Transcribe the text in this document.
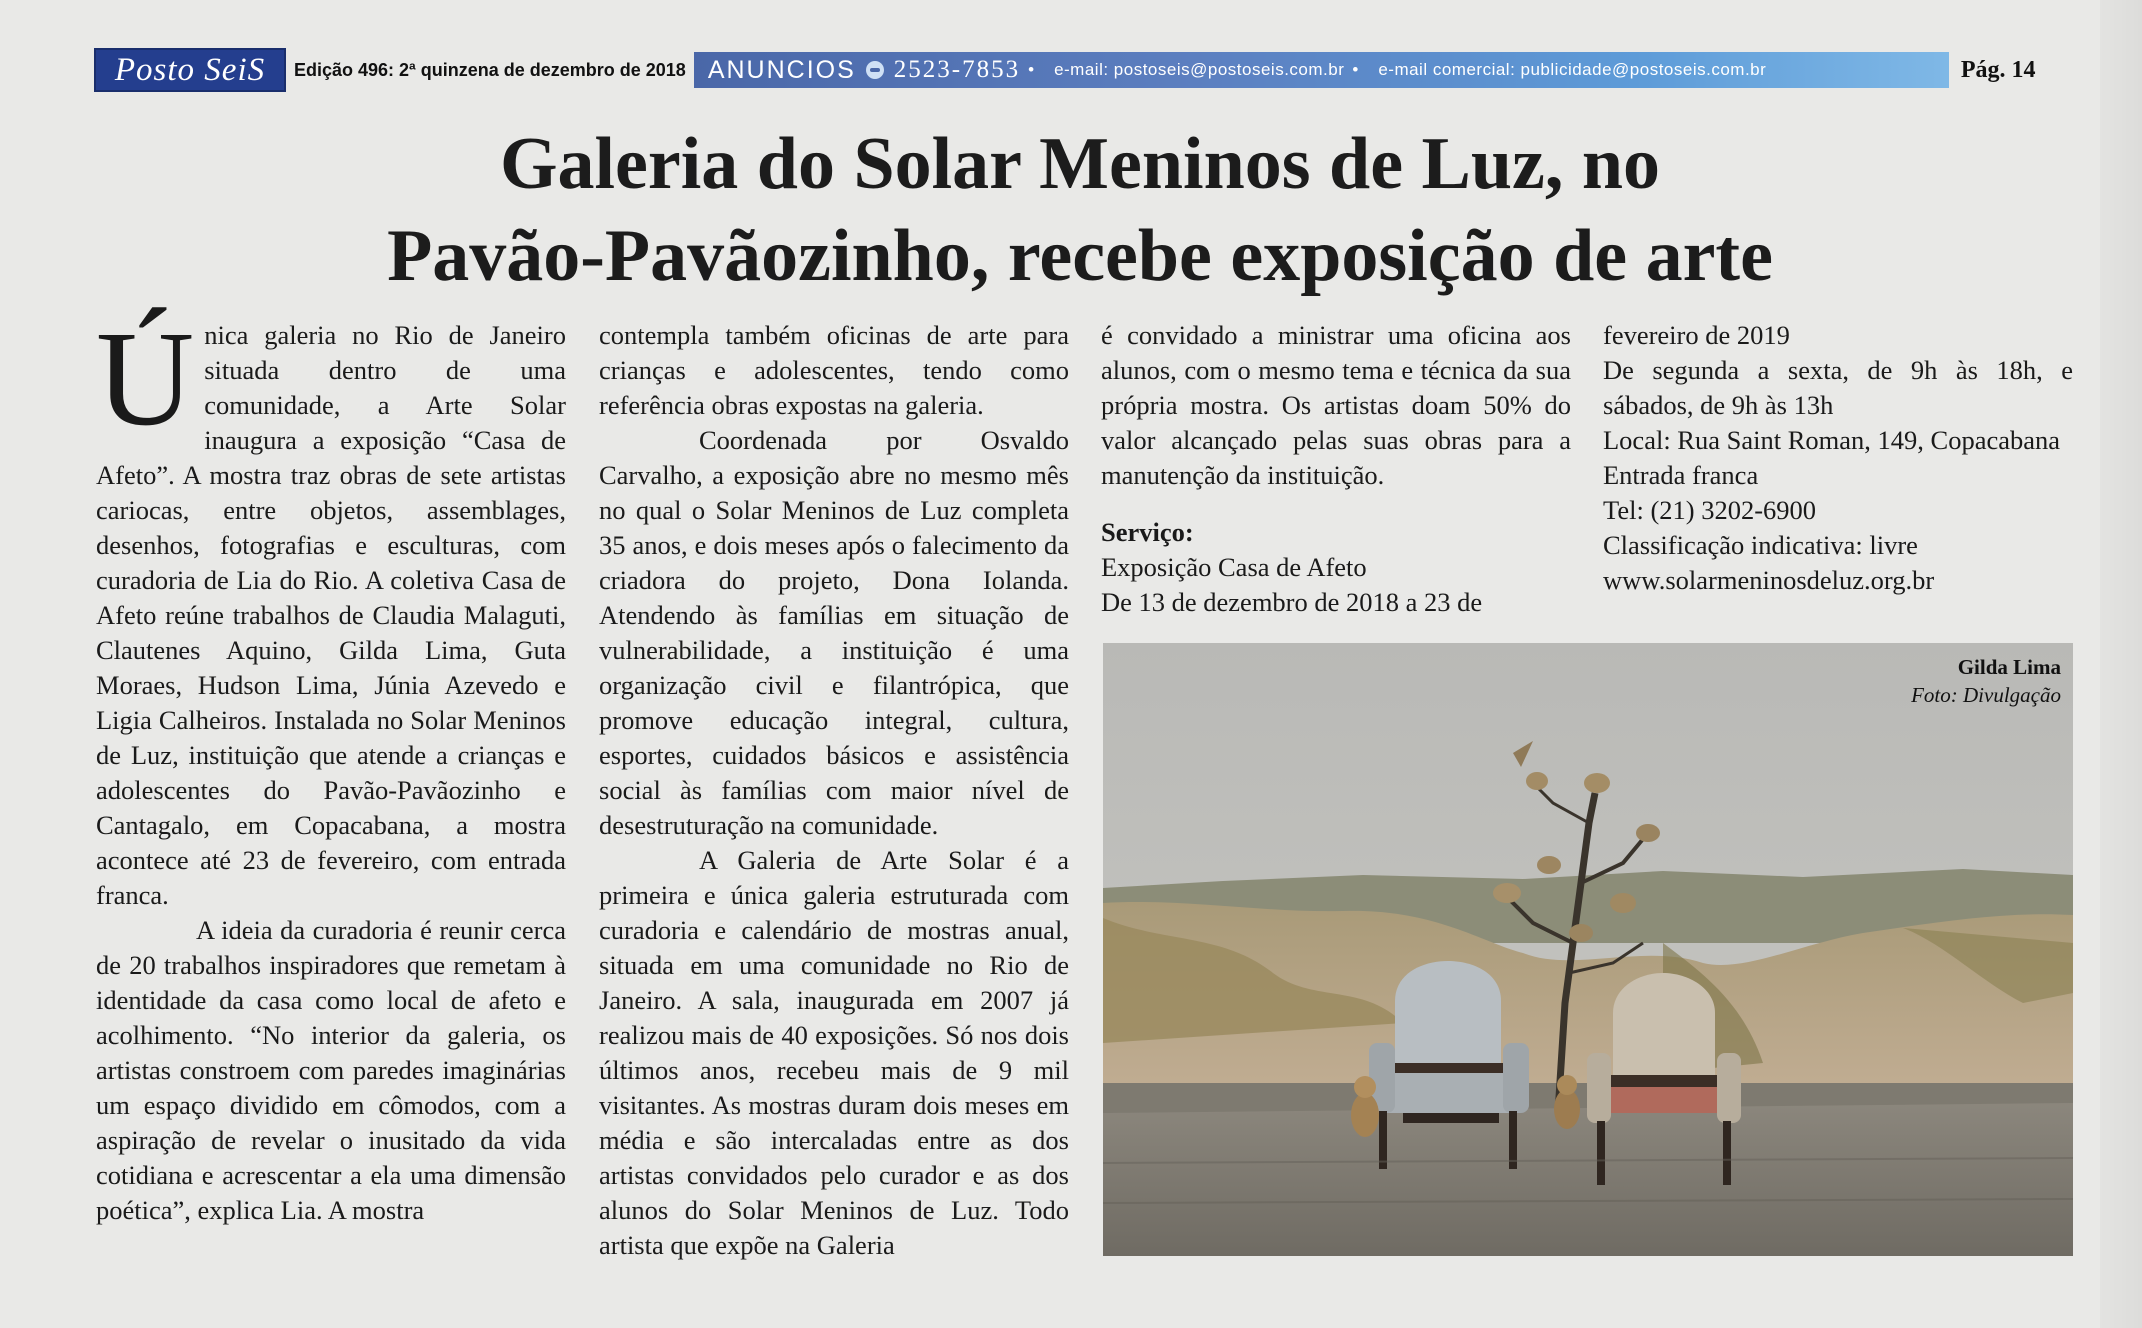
Posto SeiS	Edição 496: 2ª quinzena de dezembro de 2018 ANUNCIOS 2523-7853 • e-mail: postoseis@postoseis.com.br • e-mail comercial: publicidade@postoseis.com.br	Pág. 14
Galeria do Solar Meninos de Luz, no
Pavão-Pavãozinho, recebe exposição de arte

Única galeria no Rio de Janeiro situada dentro de uma comunidade, a Arte Solar inaugura a exposição “Casa de Afeto”. A mostra traz obras de sete artistas cariocas, entre objetos, assemblages, desenhos, fotografias e esculturas, com curadoria de Lia do Rio. A coletiva Casa de Afeto reúne trabalhos de Claudia Malaguti, Clautenes Aquino, Gilda Lima, Guta Moraes, Hudson Lima, Júnia Azevedo e Ligia Calheiros. Instalada no Solar Meninos de Luz, instituição que atende a crianças e adolescentes do Pavão-Pavãozinho e Cantagalo, em Copacabana, a mostra acontece até 23 de fevereiro, com entrada franca.

A ideia da curadoria é reunir cerca de 20 trabalhos inspiradores que remetam à identidade da casa como local de afeto e acolhimento. “No interior da galeria, os artistas constroem com paredes imaginárias um espaço dividido em cômodos, com a aspiração de revelar o inusitado da vida cotidiana e acrescentar a ela uma dimensão poética”, explica Lia. A mostra

contempla também oficinas de arte para crianças e adolescentes, tendo como referência obras expostas na galeria.

Coordenada por Osvaldo Carvalho, a exposição abre no mesmo mês no qual o Solar Meninos de Luz completa 35 anos, e dois meses após o falecimento da criadora do projeto, Dona Iolanda. Atendendo às famílias em situação de vulnerabilidade, a instituição é uma organização civil e filantrópica, que promove educação integral, cultura, esportes, cuidados básicos e assistência social às famílias com maior nível de desestruturação na comunidade.

A Galeria de Arte Solar é a primeira e única galeria estruturada com curadoria e calendário de mostras anual, situada em uma comunidade no Rio de Janeiro. A sala, inaugurada em 2007 já realizou mais de 40 exposições. Só nos dois últimos anos, recebeu mais de 9 mil visitantes. As mostras duram dois meses em média e são intercaladas entre as dos artistas convidados pelo curador e as dos alunos do Solar Meninos de Luz. Todo artista que expõe na Galeria

é convidado a ministrar uma oficina aos alunos, com o mesmo tema e técnica da sua própria mostra. Os artistas doam 50% do valor alcançado pelas suas obras para a manutenção da instituição.

Serviço:

Exposição Casa de Afeto

De 13 de dezembro de 2018 a 23 de

fevereiro de 2019

De segunda a sexta, de 9h às 18h, e sábados, de 9h às 13h

Local: Rua Saint Roman, 149, Copacabana

Entrada franca

Tel: (21) 3202-6900

Classificação indicativa: livre

www.solarmeninosdeluz.org.br

Gilda Lima
Foto: Divulgação
